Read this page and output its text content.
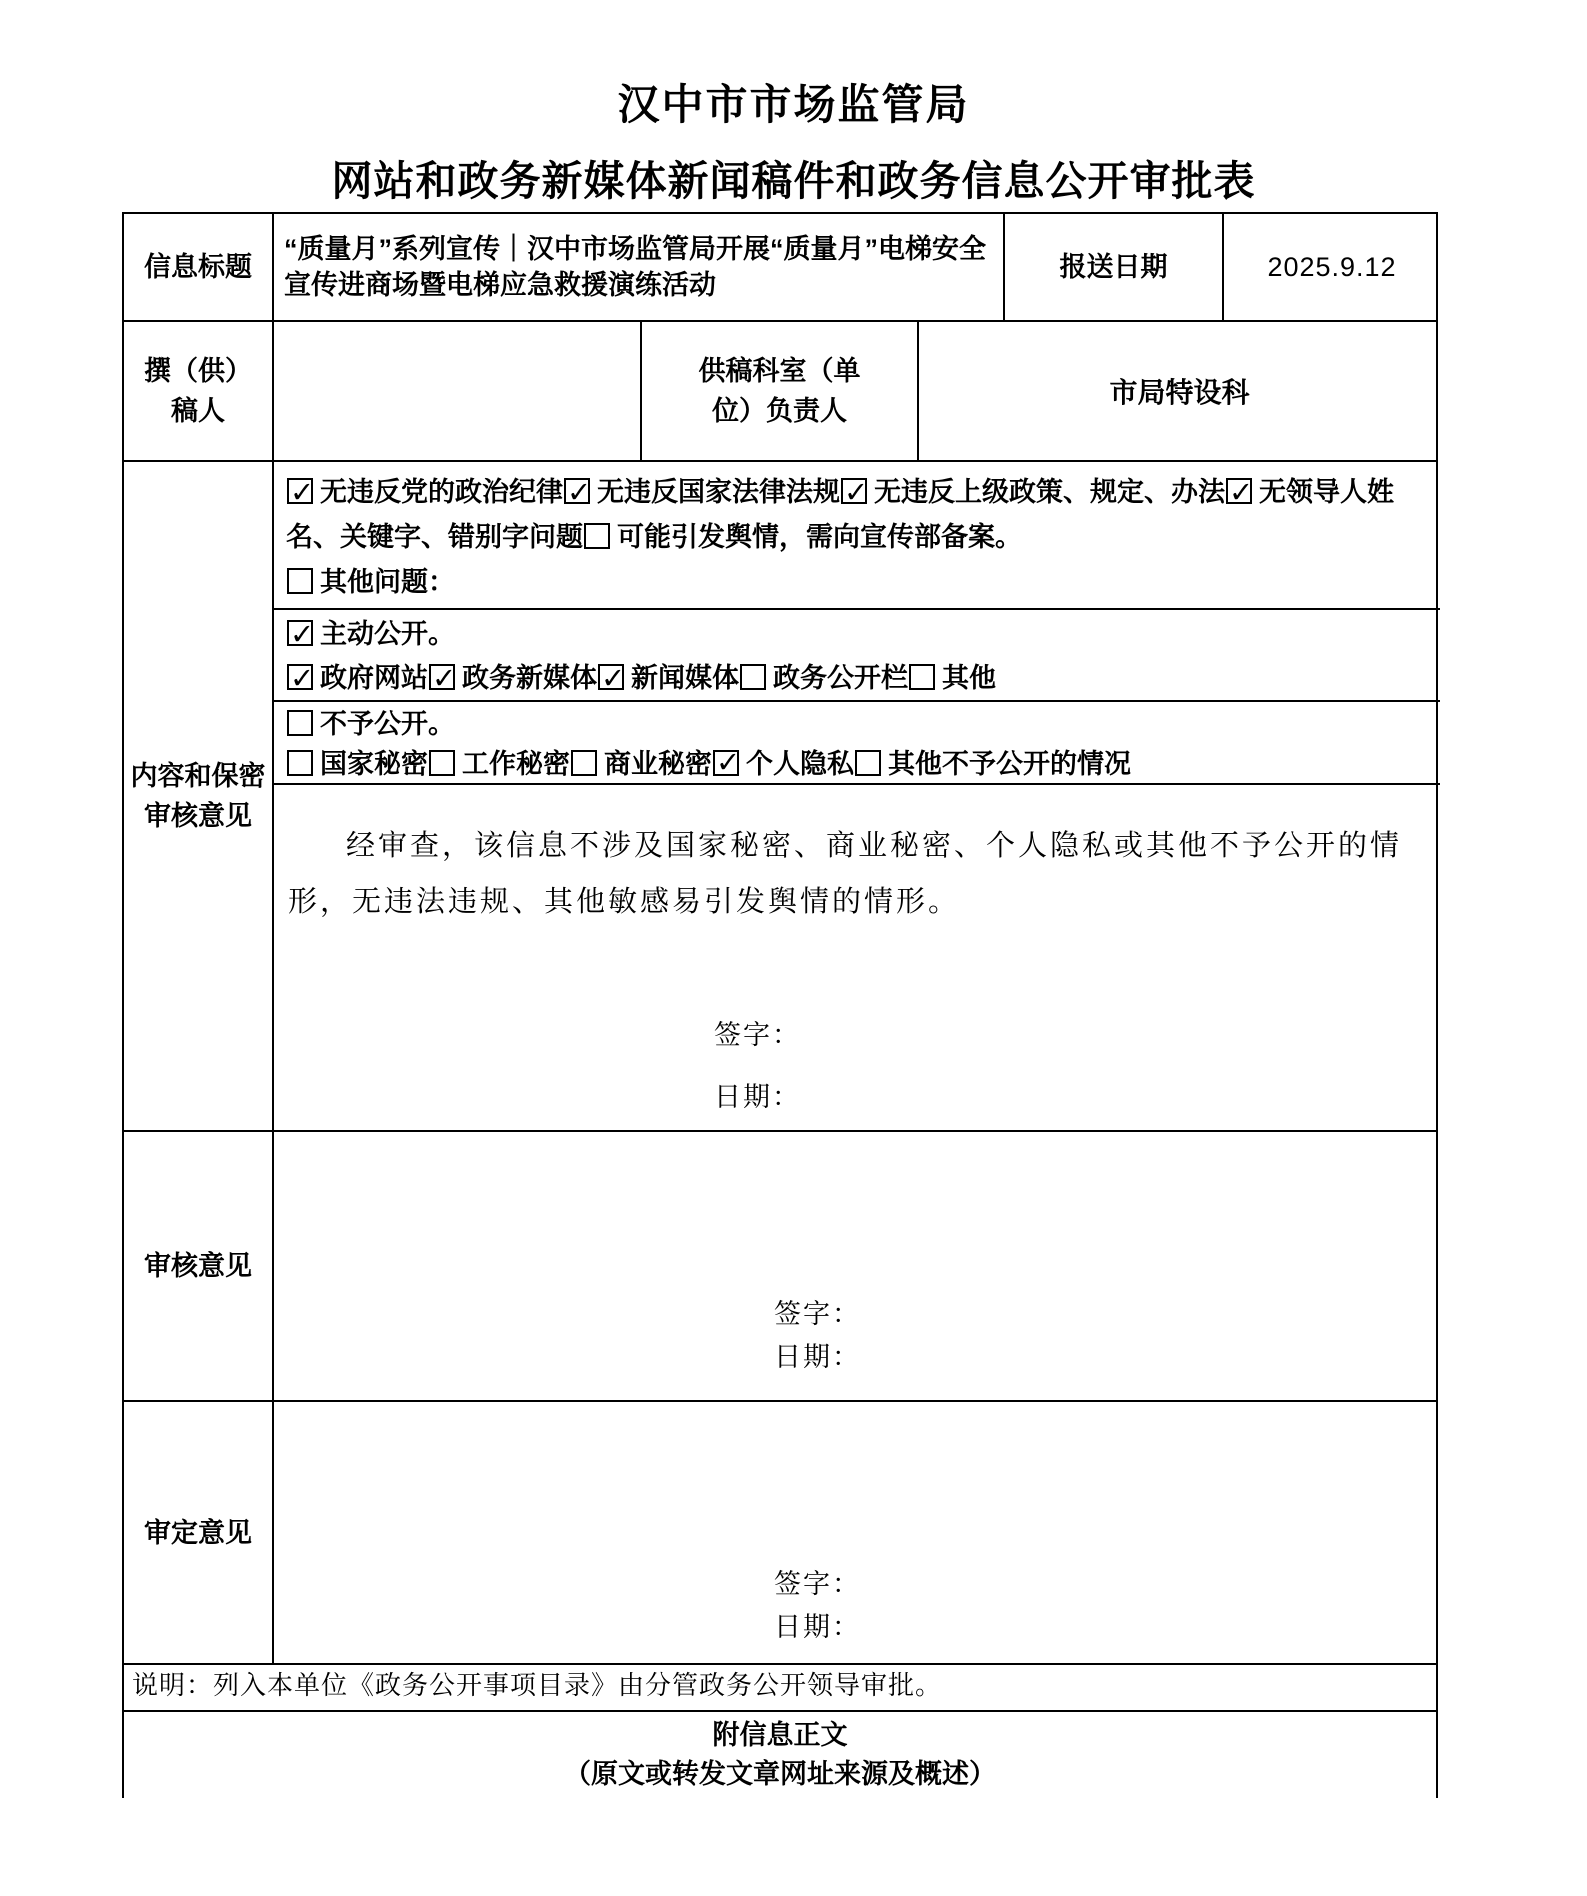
汉中市市场监管局
网站和政务新媒体新闻稿件和政务信息公开审批表
信息标题
“质量月”系列宣传｜汉中市场监管局开展“质量月”电梯安全宣传进商场暨电梯应急救援演练活动
报送日期	2025.9.12
撰（供）稿人
供稿科室（单位）负责人
市局特设科
内容和保密审核意见
✓无违反党的政治纪律 ✓ 无违反国家法律法规 ✓ 无违反上级政策、规定、办法 ✓ 无领导人姓名、关键字、错别字问题 可能引发舆情，需向宣传部备案。
其他问题：
✓主动公开。
✓政府网站 ✓ 政务新媒体 ✓ 新闻媒体 政务公开栏 其他
不予公开。
国家秘密 工作秘密 商业秘密 ✓ 个人隐私 其他不予公开的情况
经审查，该信息不涉及国家秘密、商业秘密、个人隐私或其他不予公开的情形，无违法违规、其他敏感易引发舆情的情形。
签字：
日期：
审核意见
签字：
日期：
审定意见
签字：
日期：
说明：列入本单位《政务公开事项目录》由分管政务公开领导审批。
附信息正文
（原文或转发文章网址来源及概述）
